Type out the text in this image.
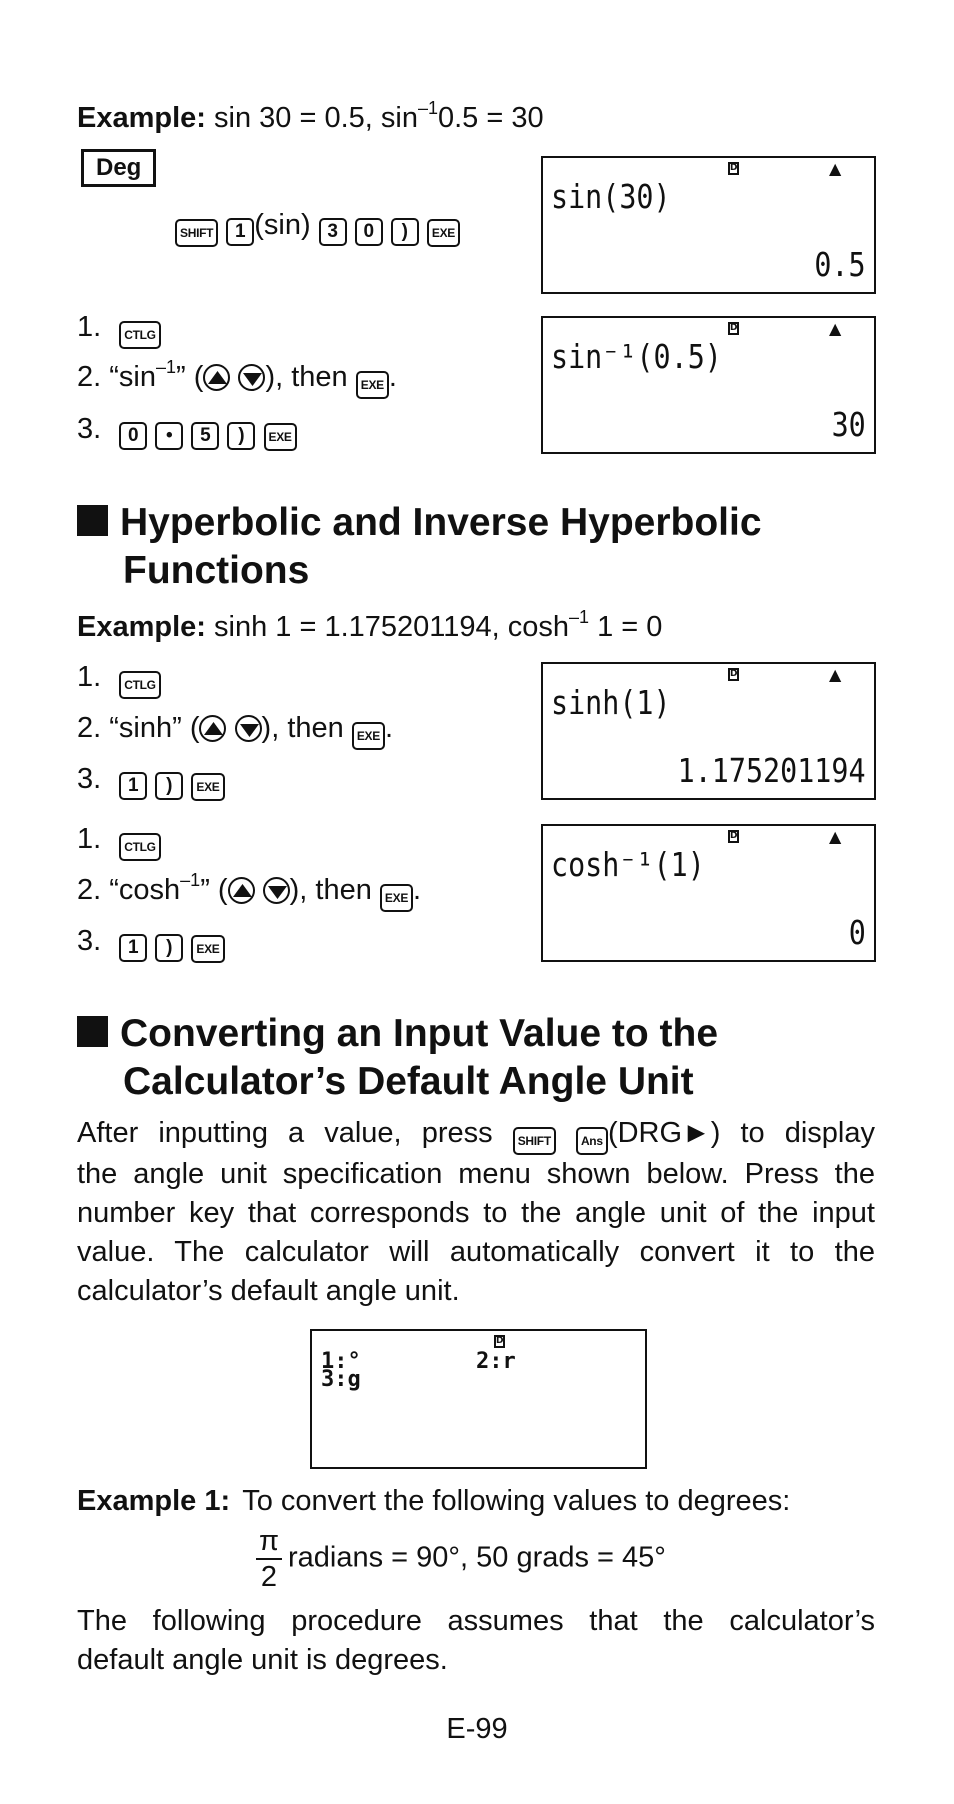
Example: sin 30 = 0.5, $\sin^{-1}0.5 = 30$
Deg
SHIFT 1 (sin) 3 0 ) EXE
D	▲
sin(30)
0.5
1. CTLG
2. “$\sin^{-1}$” (
), then EXE .
3. 0 • 5 ) EXE
D	▲
sin⁻¹(0.5)
30
Hyperbolic and Inverse Hyperbolic
Functions
Example: sinh 1 = 1.175201194, $\cosh^{-1} 1 = 0$
1. CTLG
2. “sinh” (
), then EXE .
3. 1 ) EXE
D	▲
sinh(1)
1.175201194
1. CTLG
2. “$\cosh^{-1}$” (
), then EXE .
3. 1 ) EXE
D	▲
cosh⁻¹(1)
0
Converting an Input Value to the
Calculator’s Default Angle Unit
After inputting a value, press SHIFT	Ans (DRG►) to display
the angle unit specification menu shown below. Press the
number key that corresponds to the angle unit of the input
value. The calculator will automatically convert it to the
calculator’s default angle unit.
D
1:°	2:r
3:g
Example 1: To convert the following values to degrees:
$\frac{\pi}{2}$ radians = 90°, 50 grads = 45°
The following procedure assumes that the calculator’s
default angle unit is degrees.
E-99
